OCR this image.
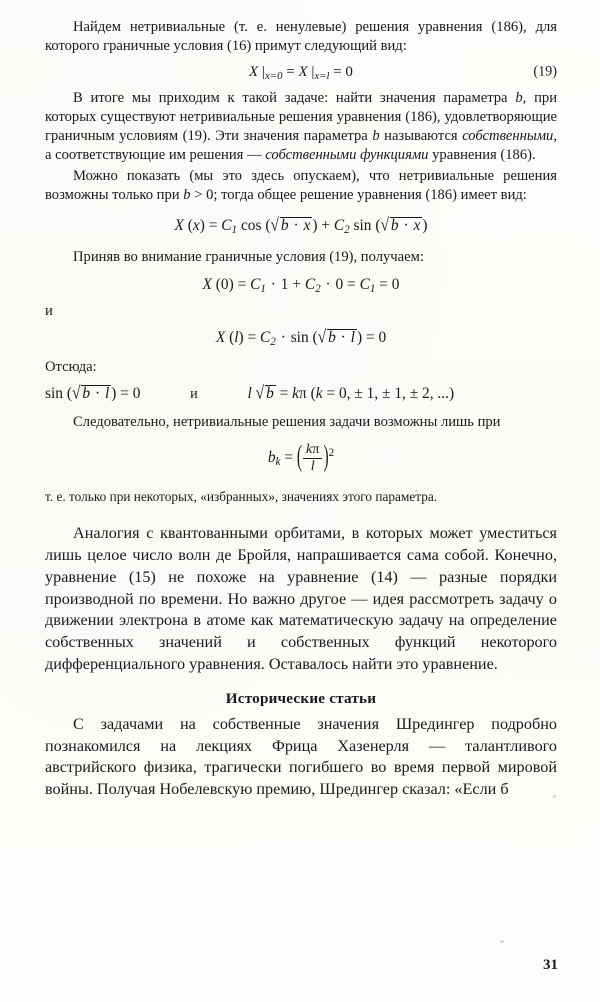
Найдем нетривиальные (т. е. ненулевые) решения уравнения (186), для которого граничные условия (16) примут следующий вид:

X $|_{x=0} = X$ $|_{x=l} = 0$	(19)

В итоге мы приходим к такой задаче: найти значения параметра b, при которых существуют нетривиальные решения уравнения (186), удовлетворяющие граничным условиям (19). Эти значения параметра b называются собственными, а соответствующие им решения — собственными функциями уравнения (186).

Можно показать (мы это здесь опускаем), что нетривиальные решения возможны только при b > 0; тогда общее решение уравнения (186) имеет вид:

X $(x) = C_1$ cos (√ b · x ) + $C_2$ sin (√ b · x )

Приняв во внимание граничные условия (19), получаем:

X $(0) = C_1 \cdot 1 + C_2 \cdot 0 = C_1 = 0$

и

X $(l) = C_2 \cdot \sin$ (√ b · l ) = 0

Отсюда:

sin (√ b · l ) = 0	и	l √ b = kπ (k = 0, ± 1, ± 1, ± 2, ...)

Следовательно, нетривиальные решения задачи возможны лишь при

$b_k$ = ( $\frac{k\pi}{l} )^2$

т. е. только при некоторых, «избранных», значениях этого параметра.

Аналогия с квантованными орбитами, в которых может уместиться лишь целое число волн де Бройля, напрашивается сама собой. Конечно, уравнение (15) не похоже на уравнение (14) — разные порядки производной по времени. Но важно другое — идея рассмотреть задачу о движении электрона в атоме как математическую задачу на определение собственных значений и собственных функций некоторого дифференциального уравнения. Оставалось найти это уравнение.

Исторические статьи

С задачами на собственные значения Шредингер подробно познакомился на лекциях Фрица Хазенерля — талантливого австрийского физика, трагически погибшего во время первой мировой войны. Получая Нобелевскую премию, Шредингер сказал: «Если б

31
